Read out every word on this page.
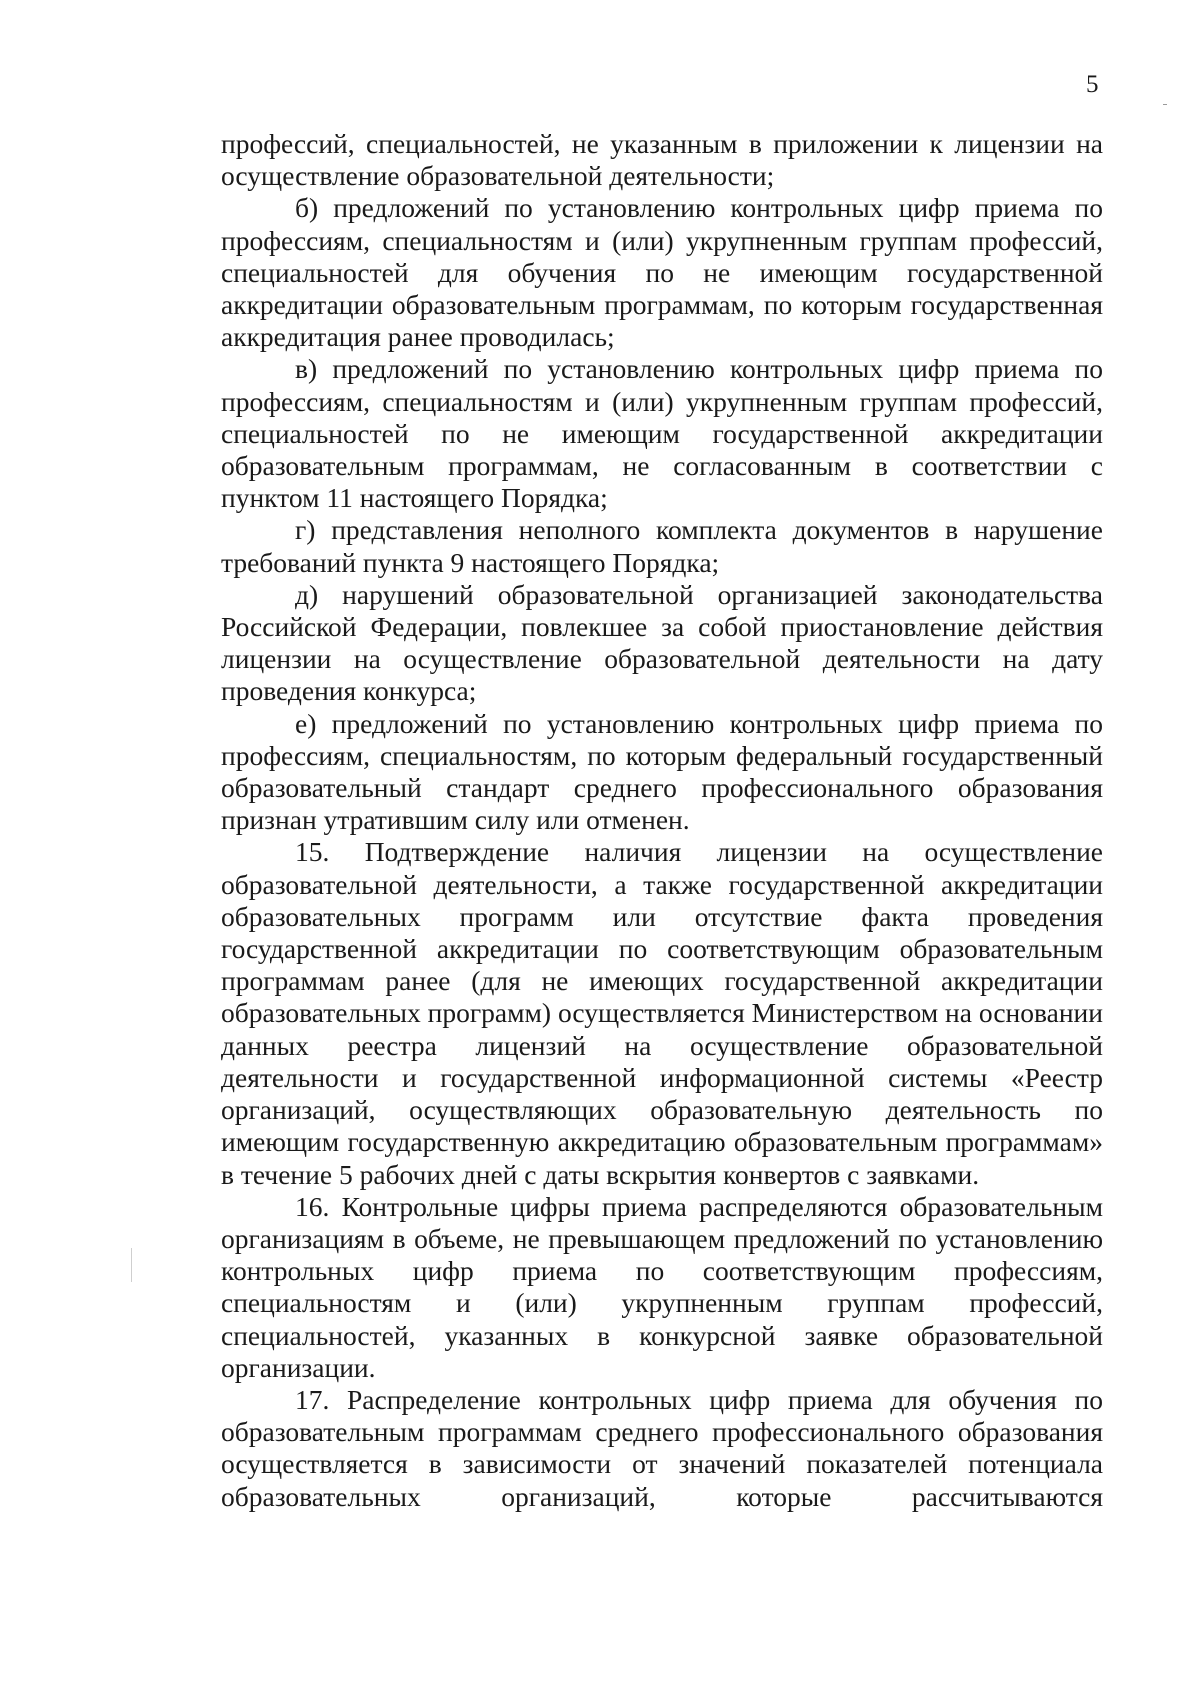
5

профессий, специальностей, не указанным в приложении к лицензии на осуществление образовательной деятельности;

б) предложений по установлению контрольных цифр приема по профессиям, специальностям и (или) укрупненным группам профессий, специальностей для обучения по не имеющим государственной аккредитации образовательным программам, по которым государственная аккредитация ранее проводилась;

в) предложений по установлению контрольных цифр приема по профессиям, специальностям и (или) укрупненным группам профессий, специальностей по не имеющим государственной аккредитации образовательным программам, не согласованным в соответствии с пунктом 11 настоящего Порядка;

г) представления неполного комплекта документов в нарушение требований пункта 9 настоящего Порядка;

д) нарушений образовательной организацией законодательства Российской Федерации, повлекшее за собой приостановление действия лицензии на осуществление образовательной деятельности на дату проведения конкурса;

е) предложений по установлению контрольных цифр приема по профессиям, специальностям, по которым федеральный государственный образовательный стандарт среднего профессионального образования признан утратившим силу или отменен.

15. Подтверждение наличия лицензии на осуществление образовательной деятельности, а также государственной аккредитации образовательных программ или отсутствие факта проведения государственной аккредитации по соответствующим образовательным программам ранее (для не имеющих государственной аккредитации образовательных программ) осуществляется Министерством на основании данных реестра лицензий на осуществление образовательной деятельности и государственной информационной системы «Реестр организаций, осуществляющих образовательную деятельность по имеющим государственную аккредитацию образовательным программам» в течение 5 рабочих дней с даты вскрытия конвертов с заявками.

16. Контрольные цифры приема распределяются образовательным организациям в объеме, не превышающем предложений по установлению контрольных цифр приема по соответствующим профессиям, специальностям и (или) укрупненным группам профессий, специальностей, указанных в конкурсной заявке образовательной организации.

17. Распределение контрольных цифр приема для обучения по образовательным программам среднего профессионального образования осуществляется в зависимости от значений показателей потенциала образовательных организаций, которые рассчитываются
